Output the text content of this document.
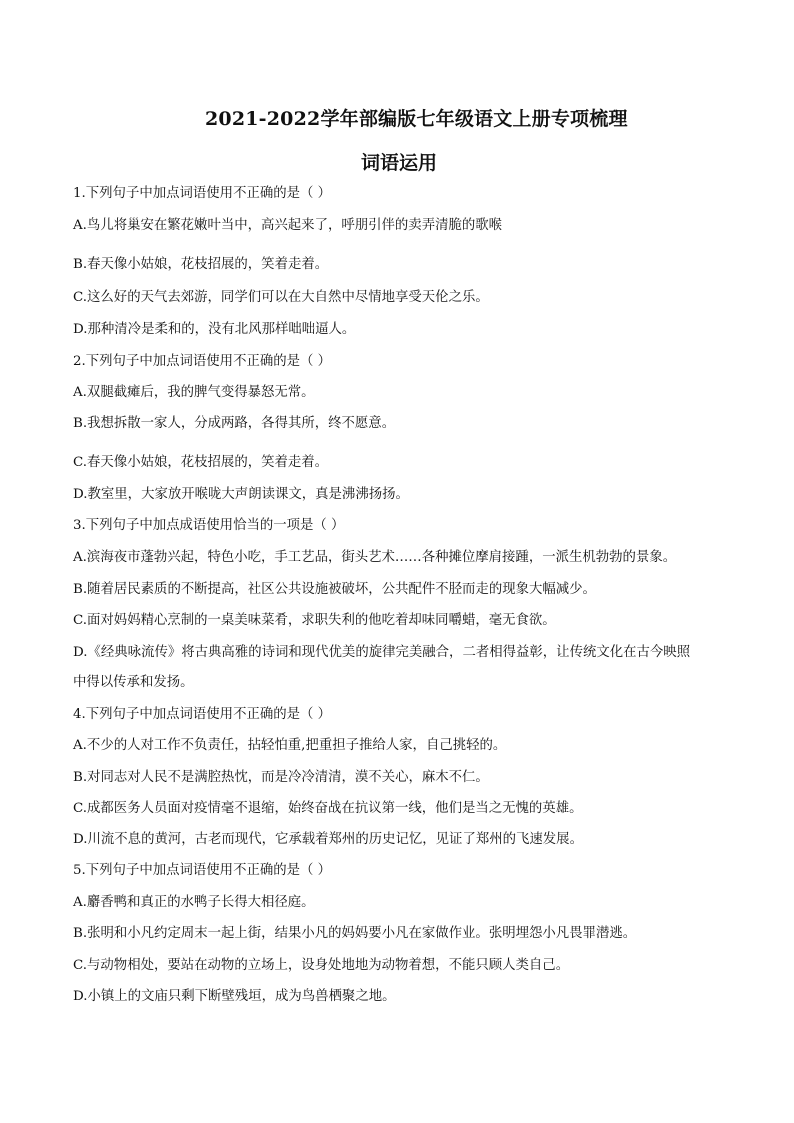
2021-2022学年部编版七年级语文上册专项梳理
词语运用
1.下列句子中加点词语使用不正确的是（ ）
A.鸟儿将巢安在繁花嫩叶当中，高兴起来了，呼朋引伴的卖弄清脆的歌喉
B.春天像小姑娘，花枝招展的，笑着走着。
C.这么好的天气去郊游，同学们可以在大自然中尽情地享受天伦之乐。
D.那种清冷是柔和的，没有北风那样咄咄逼人。
2.下列句子中加点词语使用不正确的是（ ）
A.双腿截瘫后，我的脾气变得暴怒无常。
B.我想拆散一家人，分成两路，各得其所，终不愿意。
C.春天像小姑娘，花枝招展的，笑着走着。
D.教室里，大家放开喉咙大声朗读课文，真是沸沸扬扬。
3.下列句子中加点成语使用恰当的一项是（ ）
A.滨海夜市蓬勃兴起，特色小吃，手工艺品，街头艺术……各种摊位摩肩接踵，一派生机勃勃的景象。
B.随着居民素质的不断提高，社区公共设施被破坏，公共配件不胫而走的现象大幅减少。
C.面对妈妈精心烹制的一桌美味菜肴，求职失利的他吃着却味同嚼蜡，毫无食欲。
D.《经典咏流传》将古典高雅的诗词和现代优美的旋律完美融合，二者相得益彰，让传统文化在古今映照
中得以传承和发扬。
4.下列句子中加点词语使用不正确的是（ ）
A.不少的人对工作不负责任，拈轻怕重,把重担子推给人家，自己挑轻的。
B.对同志对人民不是满腔热忱，而是冷冷清清，漠不关心，麻木不仁。
C.成都医务人员面对疫情毫不退缩，始终奋战在抗议第一线，他们是当之无愧的英雄。
D.川流不息的黄河，古老而现代，它承载着郑州的历史记忆，见证了郑州的飞速发展。
5.下列句子中加点词语使用不正确的是（ ）
A.麝香鸭和真正的水鸭子长得大相径庭。
B.张明和小凡约定周末一起上街，结果小凡的妈妈要小凡在家做作业。张明埋怨小凡畏罪潜逃。
C.与动物相处，要站在动物的立场上，设身处地地为动物着想，不能只顾人类自己。
D.小镇上的文庙只剩下断壁残垣，成为鸟兽栖聚之地。
